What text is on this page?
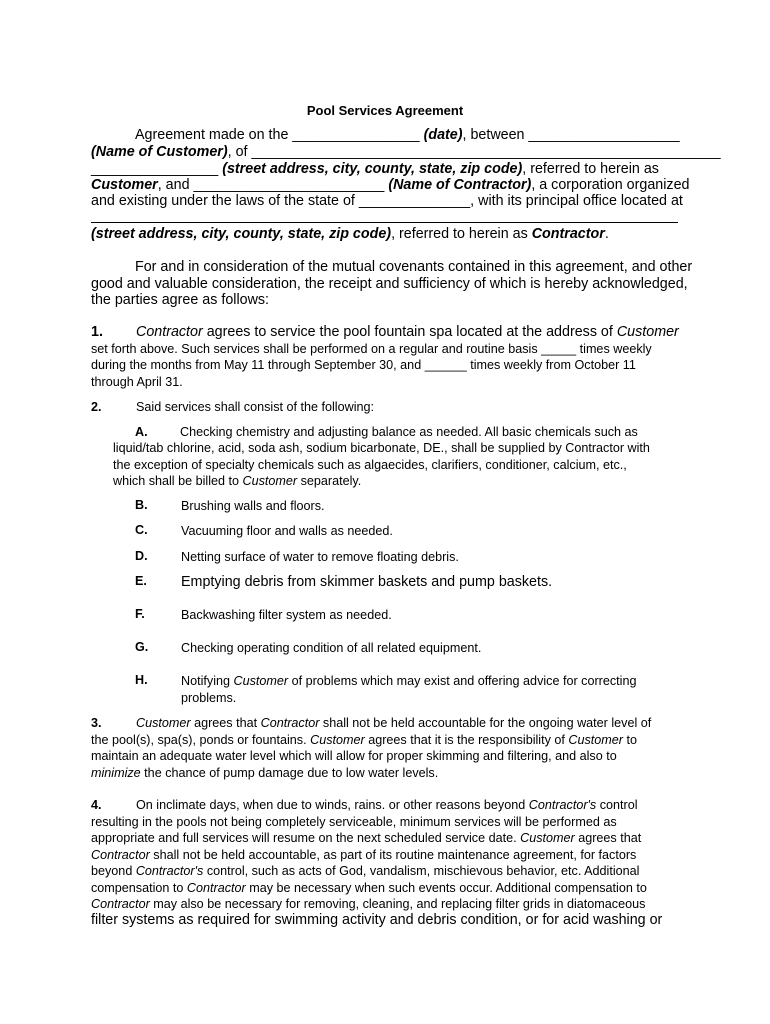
Pool Services Agreement
Agreement made on the ________________ (date), between ___________________
(Name of Customer), of ___________________________________________________________
________________ (street address, city, county, state, zip code), referred to herein as
Customer, and ________________________ (Name of Contractor), a corporation organized
and existing under the laws of the state of ______________, with its principal office located at
(street address, city, county, state, zip code), referred to herein as Contractor.
For and in consideration of the mutual covenants contained in this agreement, and other
good and valuable consideration, the receipt and sufficiency of which is hereby acknowledged,
the parties agree as follows:
1. Contractor agrees to service the pool fountain spa located at the address of Customer
set forth above. Such services shall be performed on a regular and routine basis _____ times weekly
during the months from May 11 through September 30, and ______ times weekly from October 11
through April 31.
2.	Said services shall consist of the following:
A.	Checking chemistry and adjusting balance as needed. All basic chemicals such as
liquid/tab chlorine, acid, soda ash, sodium bicarbonate, DE., shall be supplied by Contractor with
the exception of specialty chemicals such as algaecides, clarifiers, conditioner, calcium, etc.,
which shall be billed to Customer separately.
B.	Brushing walls and floors.
C.	Vacuuming floor and walls as needed.
D.	Netting surface of water to remove floating debris.
E.	Emptying debris from skimmer baskets and pump baskets.
F.	Backwashing filter system as needed.
G.	Checking operating condition of all related equipment.
H.	Notifying Customer of problems which may exist and offering advice for correcting
problems.
3.	Customer agrees that Contractor shall not be held accountable for the ongoing water level of
the pool(s), spa(s), ponds or fountains. Customer agrees that it is the responsibility of Customer to
maintain an adequate water level which will allow for proper skimming and filtering, and also to
minimize the chance of pump damage due to low water levels.
4.	On inclimate days, when due to winds, rains. or other reasons beyond Contractor's control
resulting in the pools not being completely serviceable, minimum services will be performed as
appropriate and full services will resume on the next scheduled service date. Customer agrees that
Contractor shall not be held accountable, as part of its routine maintenance agreement, for factors
beyond Contractor's control, such as acts of God, vandalism, mischievous behavior, etc. Additional
compensation to Contractor may be necessary when such events occur. Additional compensation to
Contractor may also be necessary for removing, cleaning, and replacing filter grids in diatomaceous
filter systems as required for swimming activity and debris condition, or for acid washing or
